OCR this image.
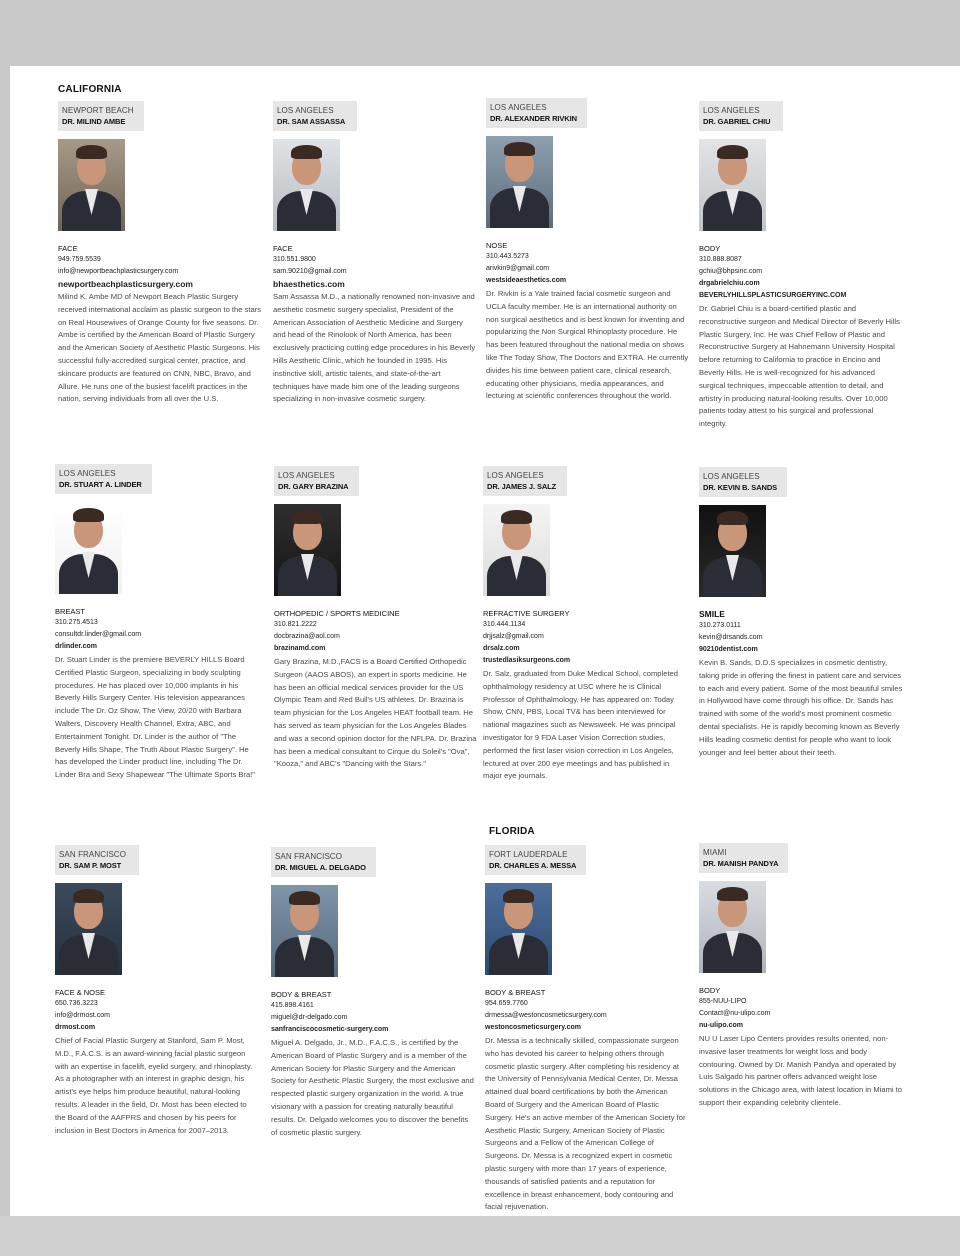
CALIFORNIA
FLORIDA
NEWPORT BEACH
DR. MILIND AMBE
FACE
949.759.5539
info@newportbeachplasticsurgery.com
newportbeachplasticsurgery.com
Milind K. Ambe MD of Newport Beach Plastic Surgery received international acclaim as plastic surgeon to the stars on Real Housewives of Orange County for five seasons. Dr. Ambe is certified by the American Board of Plastic Surgery and the American Society of Aesthetic Plastic Surgeons. His successful fully-accredited surgical center, practice, and skincare products are featured on CNN, NBC, Bravo, and Allure. He runs one of the busiest facelift practices in the nation, serving individuals from all over the U.S.
LOS ANGELES
DR. SAM ASSASSA
FACE
310.551.9800
sam.90210@gmail.com
bhaesthetics.com
Sam Assassa M.D., a nationally renowned non-invasive and aesthetic cosmetic surgery specialist, President of the American Association of Aesthetic Medicine and Surgery and head of the Rinolook of North America, has been exclusively practicing cutting edge procedures in his Beverly Hills Aesthetic Clinic, which he founded in 1995. His instinctive skill, artistic talents, and state-of-the-art techniques have made him one of the leading surgeons specializing in non-invasive cosmetic surgery.
LOS ANGELES
DR. ALEXANDER RIVKIN
NOSE
310.443.5273
arivkin9@gmail.com
westsideaesthetics.com
Dr. Rivkin is a Yale trained facial cosmetic surgeon and UCLA faculty member. He is an international authority on non surgical aesthetics and is best known for inventing and popularizing the Non Surgical Rhinoplasty procedure. He has been featured throughout the national media on shows like The Today Show, The Doctors and EXTRA. He currently divides his time between patient care, clinical research, educating other physicians, media appearances, and lecturing at scientific conferences throughout the world.
LOS ANGELES
DR. GABRIEL CHIU
BODY
310.888.8087
gchiu@bhpsinc.com
drgabrielchiu.com
BEVERLYHILLSPLASTICSURGERYINC.COM
Dr. Gabriel Chiu is a board-certified plastic and reconstructive surgeon and Medical Director of Beverly Hills Plastic Surgery, Inc. He was Chief Fellow of Plastic and Reconstructive Surgery at Hahnemann University Hospital before returning to California to practice in Encino and Beverly Hills. He is well-recognized for his advanced surgical techniques, impeccable attention to detail, and artistry in producing natural-looking results. Over 10,000 patients today attest to his surgical and professional integrity.
LOS ANGELES
DR. STUART A. LINDER
BREAST
310.275.4513
consultdr.linder@gmail.com
drlinder.com
Dr. Stuart Linder is the premiere BEVERLY HILLS Board Certified Plastic Surgeon, specializing in body sculpting procedures. He has placed over 10,000 implants in his Beverly Hills Surgery Center. His television appearances include The Dr. Oz Show, The View, 20/20 with Barbara Walters, Discovery Health Channel, Extra, ABC, and Entertainment Tonight. Dr. Linder is the author of "The Beverly Hills Shape, The Truth About Plastic Surgery". He has developed the Linder product line, including The Dr. Linder Bra and Sexy Shapewear "The Ultimate Sports Bra!"
LOS ANGELES
DR. GARY BRAZINA
ORTHOPEDIC / SPORTS MEDICINE
310.821.2222
docbrazina@aol.com
brazinamd.com
Gary Brazina, M.D.,FACS is a Board Certified Orthopedic Surgeon (AAOS ABOS), an expert in sports medicine. He has been an official medical services provider for the US Olympic Team and Red Bull's US athletes. Dr. Brazina is team physician for the Los Angeles HEAT football team. He has served as team physician for the Los Angeles Blades and was a second opinion doctor for the NFLPA. Dr. Brazina has been a medical consultant to Cirque du Soleil's "Ova", "Kooza," and ABC's "Dancing with the Stars."
LOS ANGELES
DR. JAMES J. SALZ
REFRACTIVE SURGERY
310.444.1134
drjjsalz@gmail.com
drsalz.com
trustedlasiksurgeons.com
Dr. Salz, graduated from Duke Medical School, completed ophthalmology residency at USC where he is Clinical Professor of Ophthalmology. He has appeared on: Today Show, CNN, PBS, Local TV& has been interviewed for national magazines such as Newsweek. He was principal investigator for 9 FDA Laser Vision Correction studies, performed the first laser vision correction in Los Angeles, lectured at over 200 eye meetings and has published in major eye journals.
LOS ANGELES
DR. KEVIN B. SANDS
SMILE
310.273.0111
kevin@drsands.com
90210dentist.com
Kevin B. Sands, D.D.S specializes in cosmetic dentistry, taking pride in offering the finest in patient care and services to each and every patient. Some of the most beautiful smiles in Hollywood have come through his office. Dr. Sands has trained with some of the world's most prominent cosmetic dental specialists. He is rapidly becoming known as Beverly Hills leading cosmetic dentist for people who want to look younger and feel better about their teeth.
SAN FRANCISCO
DR. SAM P. MOST
FACE & NOSE
650.736.3223
info@drmost.com
drmost.com
Chief of Facial Plastic Surgery at Stanford, Sam P. Most, M.D., F.A.C.S. is an award-winning facial plastic surgeon with an expertise in facelift, eyelid surgery, and rhinoplasty. As a photographer with an interest in graphic design, his artist's eye helps him produce beautiful, natural-looking results. A leader in the field, Dr. Most has been elected to the Board of the AAFPRS and chosen by his peers for inclusion in Best Doctors in America for 2007–2013.
SAN FRANCISCO
DR. MIGUEL A. DELGADO
BODY & BREAST
415.898.4161
miguel@dr-delgado.com
sanfranciscocosmetic-surgery.com
Miguel A. Delgado, Jr., M.D., F.A.C.S., is certified by the American Board of Plastic Surgery and is a member of the American Society for Plastic Surgery and the American Society for Aesthetic Plastic Surgery, the most exclusive and respected plastic surgery organization in the world. A true visionary with a passion for creating naturally beautiful results. Dr. Delgado welcomes you to discover the benefits of cosmetic plastic surgery.
FORT LAUDERDALE
DR. CHARLES A. MESSA
BODY & BREAST
954.659.7760
drmessa@westoncosmeticsurgery.com
westoncosmeticsurgery.com
Dr. Messa is a technically skilled, compassionate surgeon who has devoted his career to helping others through cosmetic plastic surgery. After completing his residency at the University of Pennsylvania Medical Center, Dr. Messa attained dual board certifications by both the American Board of Surgery and the American Board of Plastic Surgery. He's an active member of the American Society for Aesthetic Plastic Surgery, American Society of Plastic Surgeons and a Fellow of the American College of Surgeons. Dr. Messa is a recognized expert in cosmetic plastic surgery with more than 17 years of experience, thousands of satisfied patients and a reputation for excellence in breast enhancement, body contouring and facial rejuvenation.
MIAMI
DR. MANISH PANDYA
BODY
855-NUU-LIPO
Contact@nu-ulipo.com
nu-ulipo.com
NU U Laser Lipo Centers provides results oriented, non-invasive laser treatments for weight loss and body contouring. Owned by Dr. Manish Pandya and operated by Luis Salgado his partner offers advanced weight lose solutions in the Chicago area, with latest location in Miami to support their expanding celebrity clientele.
